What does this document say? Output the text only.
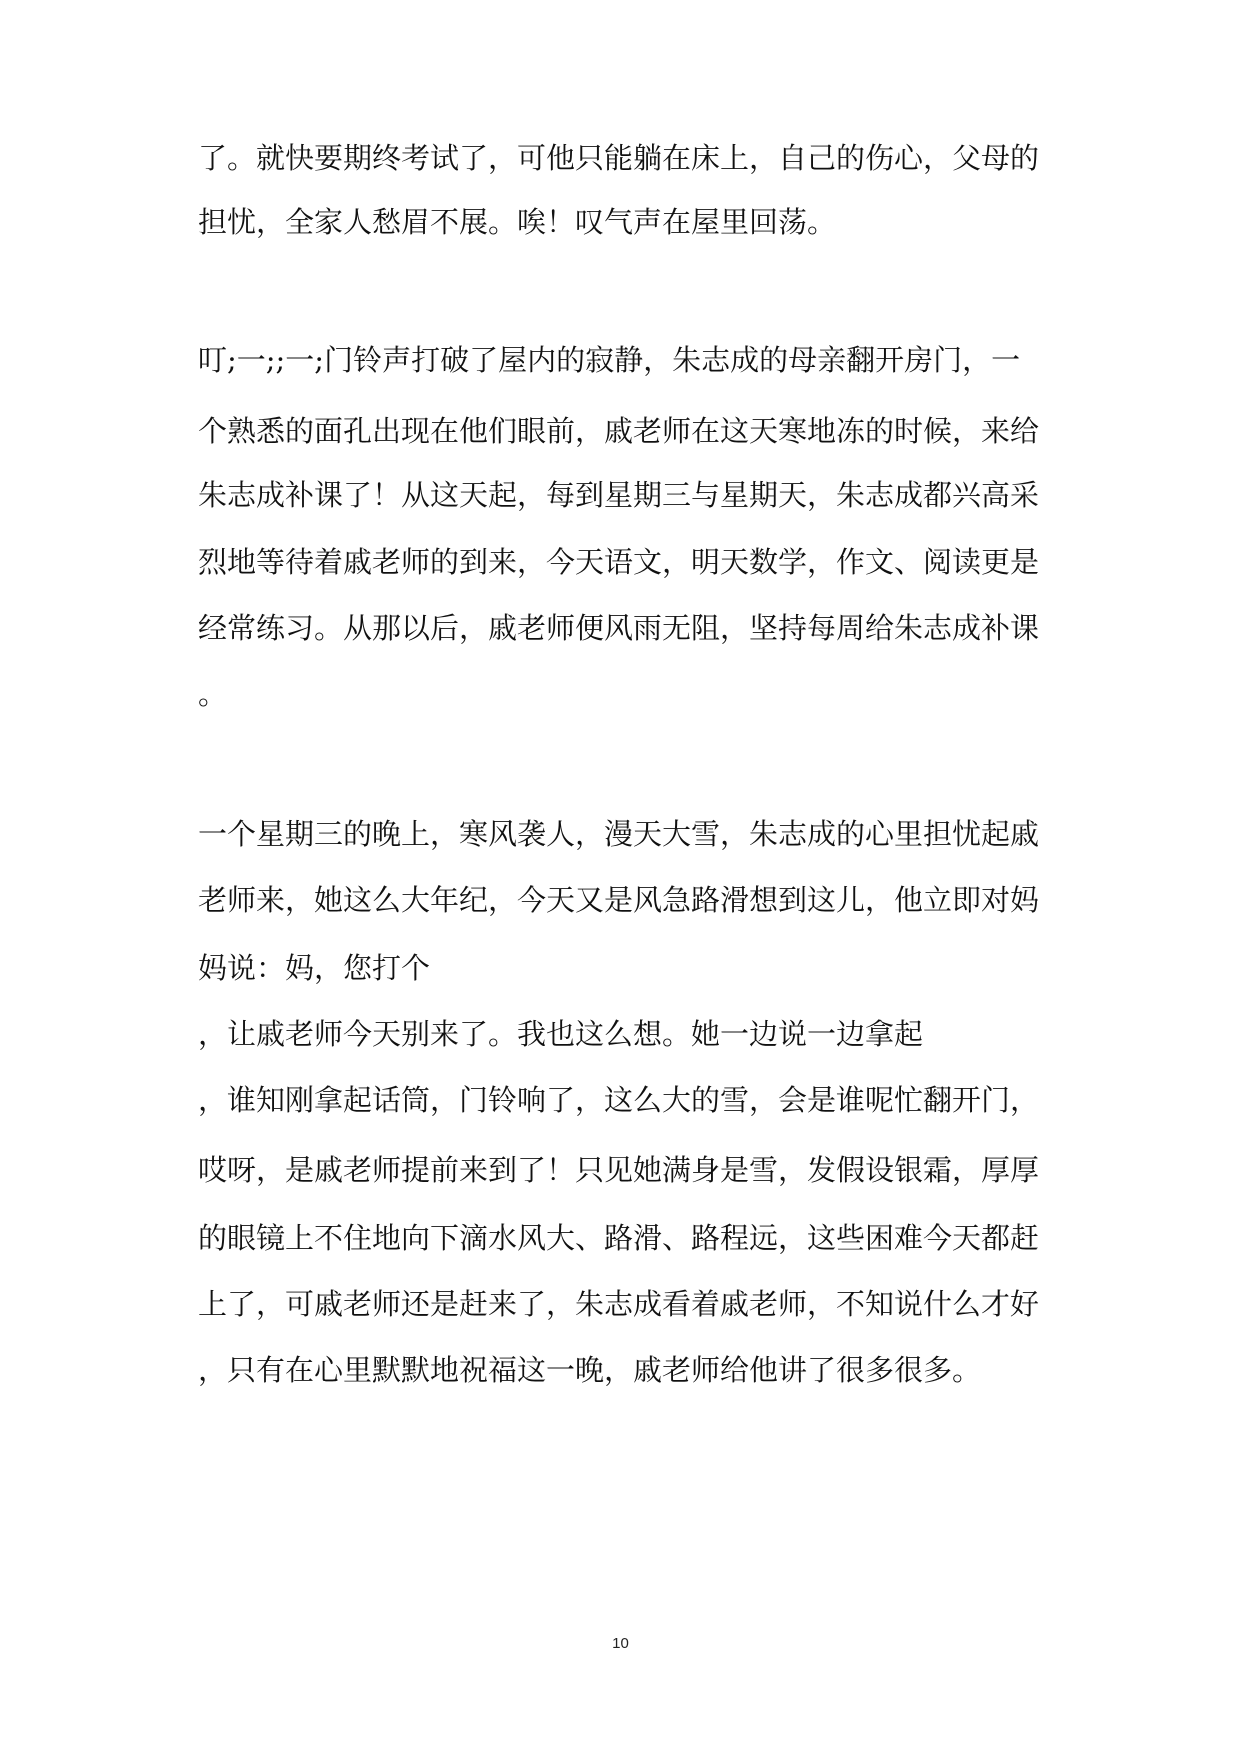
了。就快要期终考试了，可他只能躺在床上，自己的伤心，父母的
担忧，全家人愁眉不展。唉！叹气声在屋里回荡。
叮;一;;一;门铃声打破了屋内的寂静，朱志成的母亲翻开房门，一
个熟悉的面孔出现在他们眼前，戚老师在这天寒地冻的时候，来给
朱志成补课了！从这天起，每到星期三与星期天，朱志成都兴高采
烈地等待着戚老师的到来，今天语文，明天数学，作文、阅读更是
经常练习。从那以后，戚老师便风雨无阻，坚持每周给朱志成补课
。
一个星期三的晚上，寒风袭人，漫天大雪，朱志成的心里担忧起戚
老师来，她这么大年纪，今天又是风急路滑想到这儿，他立即对妈
妈说：妈，您打个
，让戚老师今天别来了。我也这么想。她一边说一边拿起
，谁知刚拿起话筒，门铃响了，这么大的雪，会是谁呢忙翻开门，
哎呀，是戚老师提前来到了！只见她满身是雪，发假设银霜，厚厚
的眼镜上不住地向下滴水风大、路滑、路程远，这些困难今天都赶
上了，可戚老师还是赶来了，朱志成看着戚老师，不知说什么才好
，只有在心里默默地祝福这一晚，戚老师给他讲了很多很多。
10
